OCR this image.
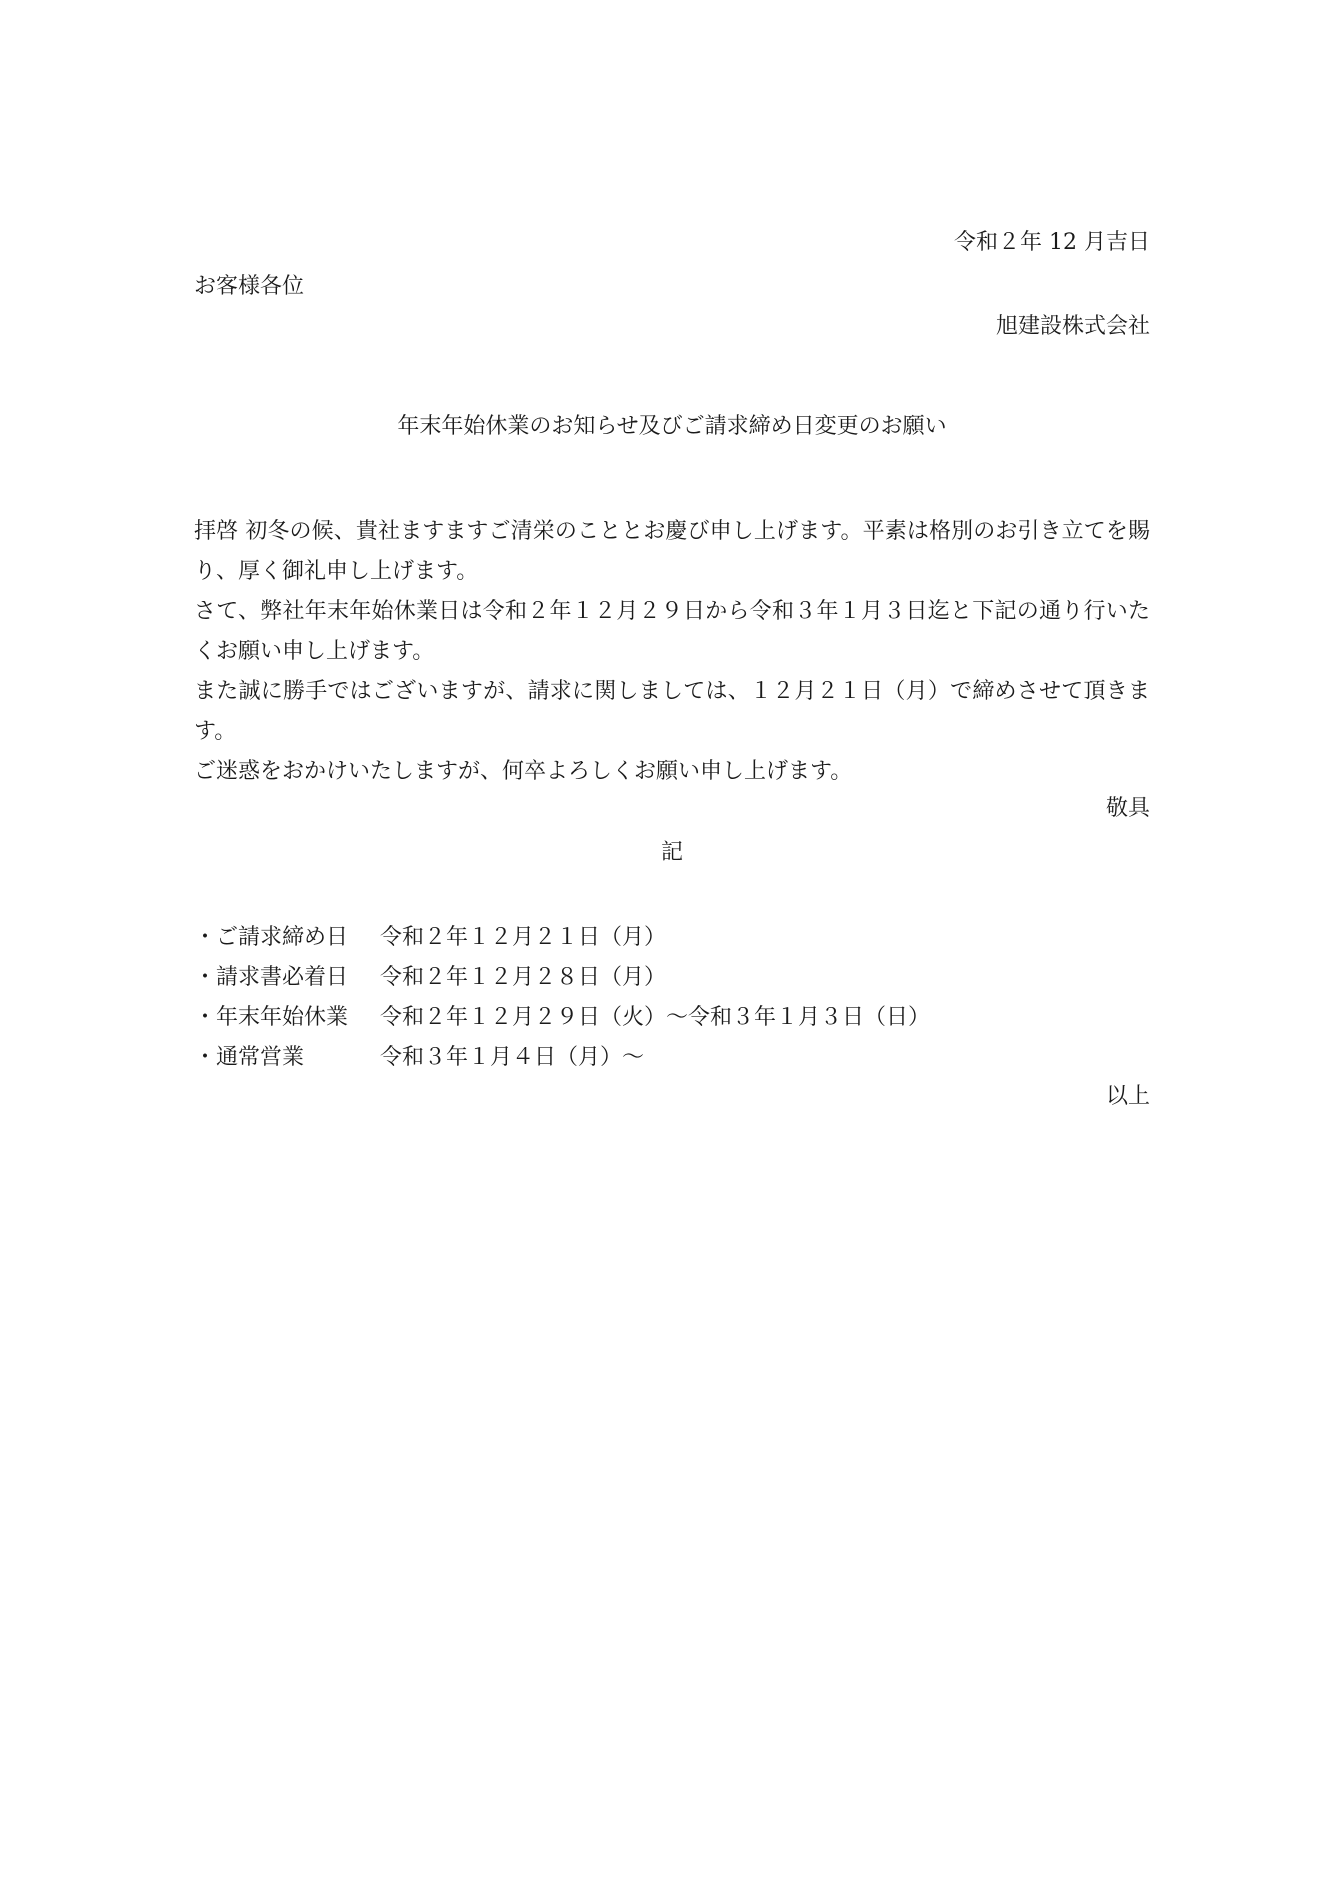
令和２年 12 月吉日
お客様各位
旭建設株式会社
年末年始休業のお知らせ及びご請求締め日変更のお願い

拝啓 初冬の候、貴社ますますご清栄のこととお慶び申し上げます。平素は格別のお引き立てを賜り、厚く御礼申し上げます。

さて、弊社年末年始休業日は令和２年１２月２９日から令和３年１月３日迄と下記の通り行いたくお願い申し上げます。

また誠に勝手ではございますが、請求に関しましては、１２月２１日（月）で締めさせて頂きます。

ご迷惑をおかけいたしますが、何卒よろしくお願い申し上げます。

敬具
記
・ご請求締め日	令和２年１２月２１日（月）
・請求書必着日	令和２年１２月２８日（月）
・年末年始休業	令和２年１２月２９日（火）〜令和３年１月３日（日）
・通常営業	令和３年１月４日（月）〜
以上
